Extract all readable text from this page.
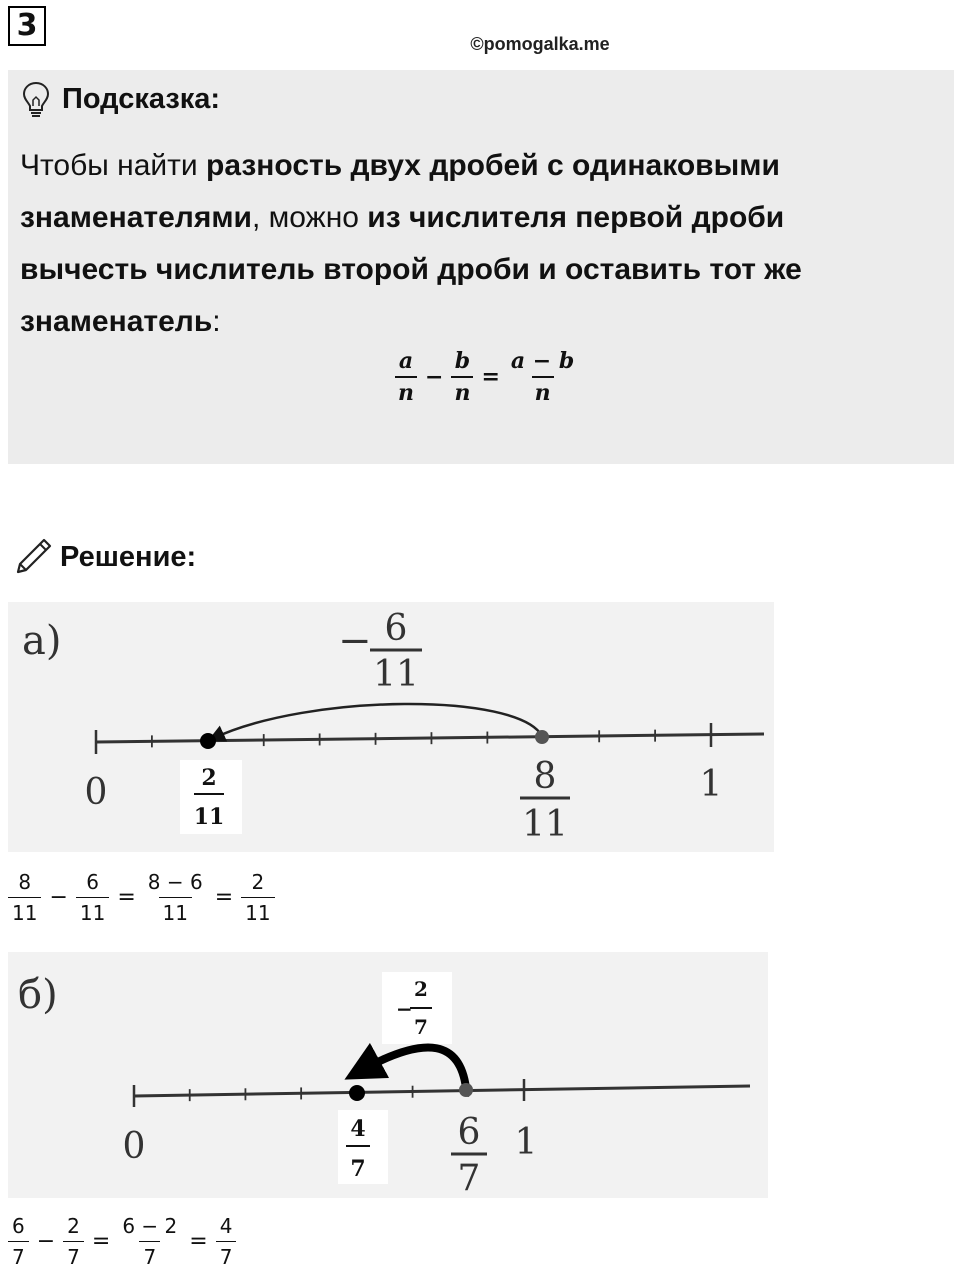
3
©pomogalka.me
Подсказка:
Чтобы найти разность двух дробей с одинаковыми знаменателями, можно из числителя первой дроби вычесть числитель второй дроби и оставить тот же знаменатель:
$\frac{a}{n} - \frac{b}{n} = \frac{a - b}{n}$
Решение:
а)	− 6
11
0	1
8
11
2
11
$\frac{8}{11} - \frac{6}{11} = \frac{8 - 6}{11} = \frac{2}{11}$
б)	−
2
7
0	1
6
7
4
7
$\frac{6}{7} - \frac{2}{7} = \frac{6 - 2}{7} = \frac{4}{7}$
